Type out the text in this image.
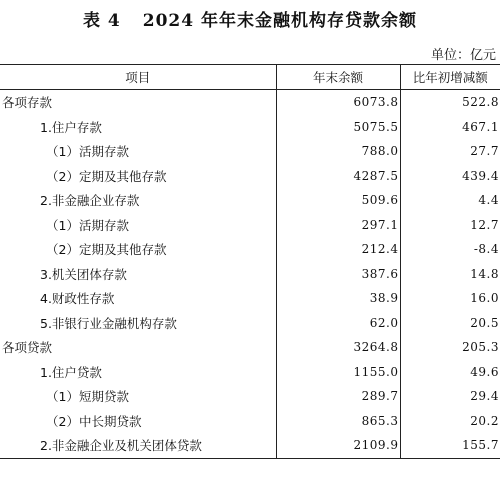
表 4 2024 年年末金融机构存贷款余额
单位：亿元
项目	年末余额	比年初增减额
各项存款	6073.8	522.8
1.住户存款	5075.5	467.1
（1）活期存款	788.0	27.7
（2）定期及其他存款	4287.5	439.4
2.非金融企业存款	509.6	4.4
（1）活期存款	297.1	12.7
（2）定期及其他存款	212.4	-8.4
3.机关团体存款	387.6	14.8
4.财政性存款	38.9	16.0
5.非银行业金融机构存款	62.0	20.5
各项贷款	3264.8	205.3
1.住户贷款	1155.0	49.6
（1）短期贷款	289.7	29.4
（2）中长期贷款	865.3	20.2
2.非金融企业及机关团体贷款	2109.9	155.7
